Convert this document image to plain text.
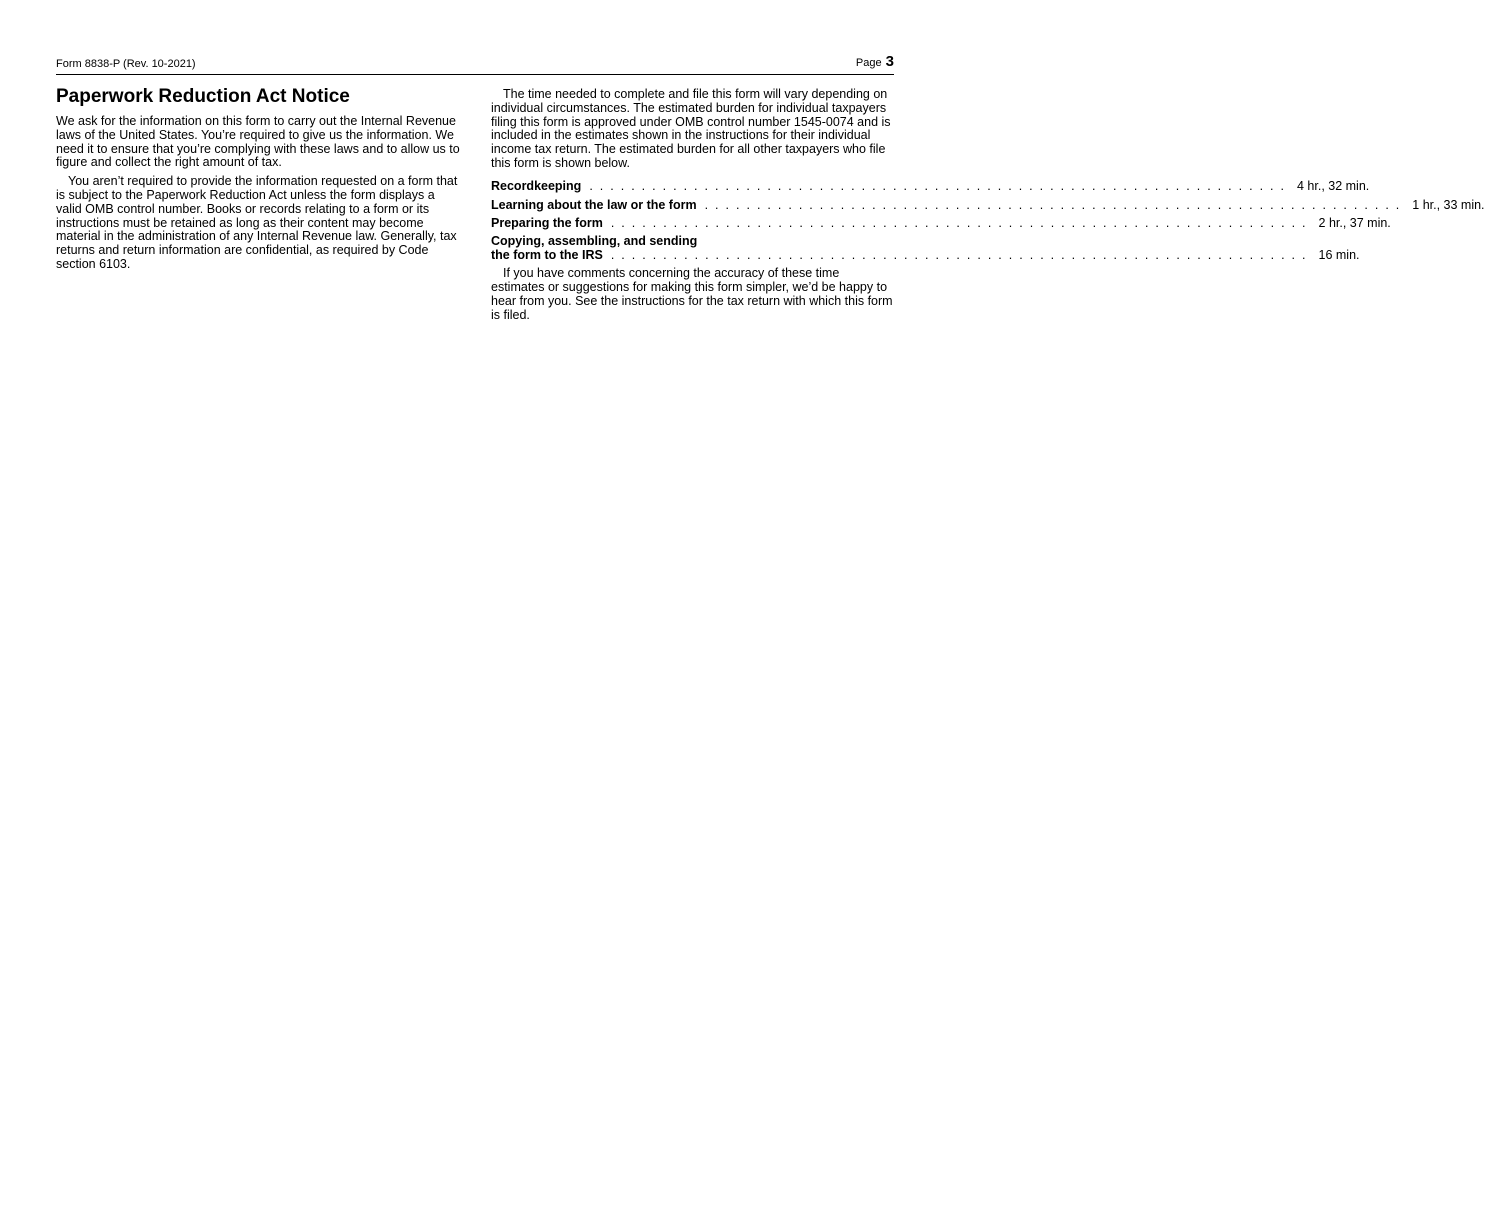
Form 8838-P (Rev. 10-2021)	Page 3
Paperwork Reduction Act Notice

We ask for the information on this form to carry out the Internal Revenue laws of the United States. You’re required to give us the information. We need it to ensure that you’re complying with these laws and to allow us to figure and collect the right amount of tax.

You aren’t required to provide the information requested on a form that is subject to the Paperwork Reduction Act unless the form displays a valid OMB control number. Books or records relating to a form or its instructions must be retained as long as their content may become material in the administration of any Internal Revenue law. Generally, tax returns and return information are confidential, as required by Code section 6103.

The time needed to complete and file this form will vary depending on individual circumstances. The estimated burden for individual taxpayers filing this form is approved under OMB control number 1545-0074 and is included in the estimates shown in the instructions for their individual income tax return. The estimated burden for all other taxpayers who file this form is shown below.

Recordkeeping ................................................................... 4 hr., 32 min.
Learning about the law or the form ................................................................... 1 hr., 33 min.
Preparing the form ................................................................... 2 hr., 37 min.
Copying, assembling, and sending
the form to the IRS ................................................................... 16 min.

If you have comments concerning the accuracy of these time estimates or suggestions for making this form simpler, we’d be happy to hear from you. See the instructions for the tax return with which this form is filed.
